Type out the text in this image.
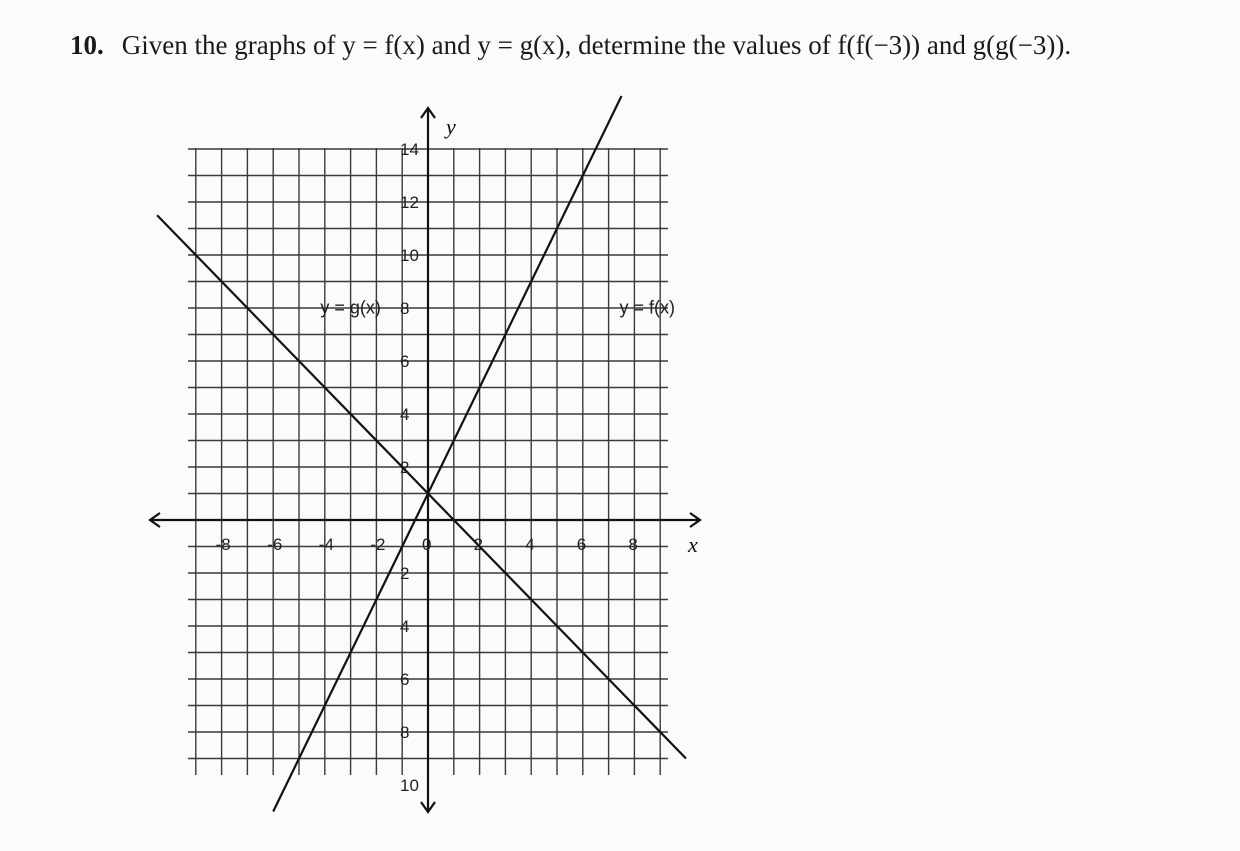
10. Given the graphs of y = f(x) and y = g(x), determine the values of f(f(−3)) and g(g(−3)).
x
y
-8 -6 -4 -2 0 2 4 6 8
14
12
10
8
6
4
2
2
4
6
8
10
y = f(x)
y = g(x)
